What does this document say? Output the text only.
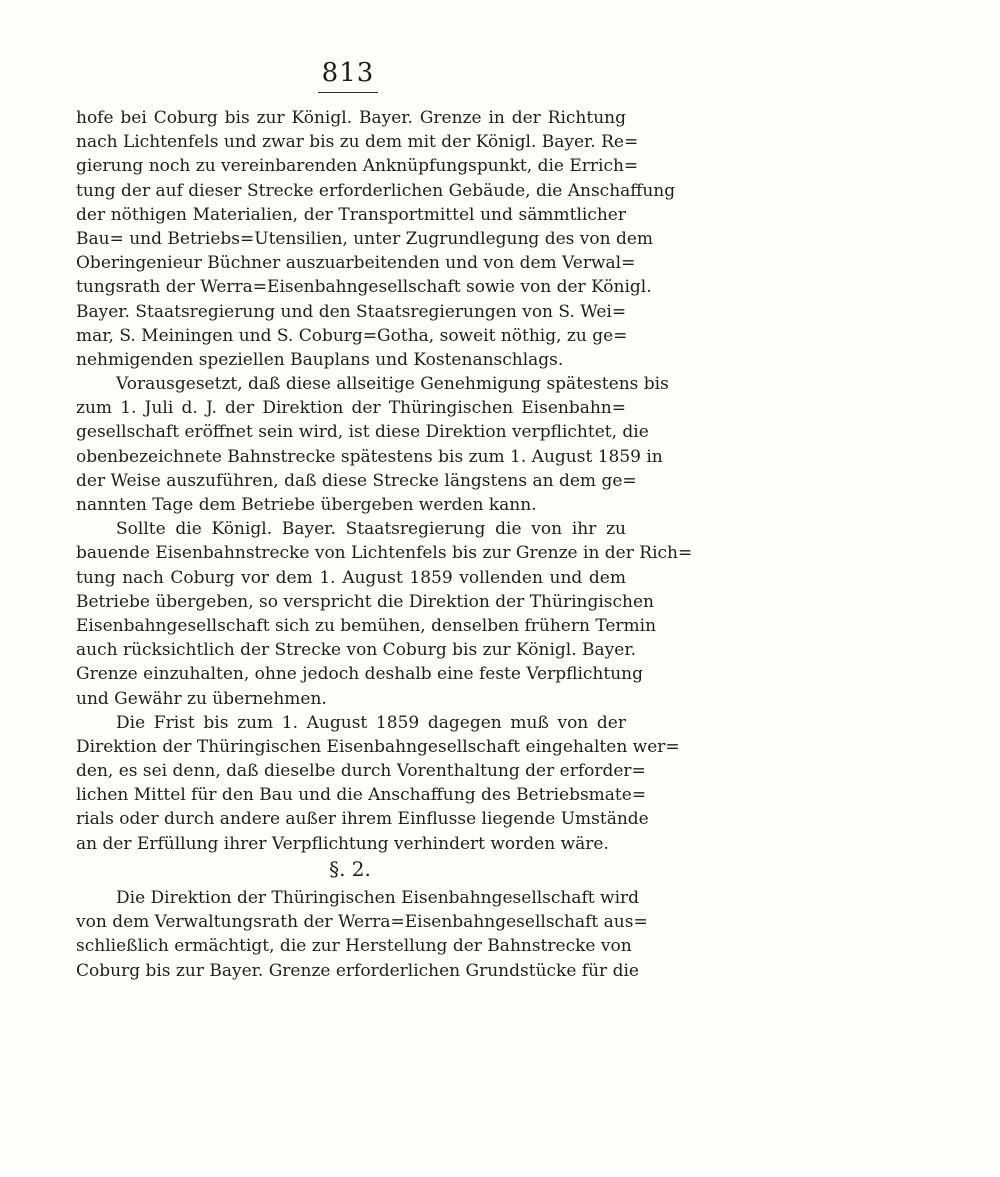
813
hofe bei Coburg bis zur Königl. Bayer. Grenze in der Richtung
nach Lichtenfels und zwar bis zu dem mit der Königl. Bayer. Re=
gierung noch zu vereinbarenden Anknüpfungspunkt, die Errich=
tung der auf dieser Strecke erforderlichen Gebäude, die Anschaffung
der nöthigen Materialien, der Transportmittel und sämmtlicher
Bau= und Betriebs=Utensilien, unter Zugrundlegung des von dem
Oberingenieur Büchner auszuarbeitenden und von dem Verwal=
tungsrath der Werra=Eisenbahngesellschaft sowie von der Königl.
Bayer. Staatsregierung und den Staatsregierungen von S. Wei=
mar, S. Meiningen und S. Coburg=Gotha, soweit nöthig, zu ge=
nehmigenden speziellen Bauplans und Kostenanschlags.
Vorausgesetzt, daß diese allseitige Genehmigung spätestens bis
zum 1. Juli d. J. der Direktion der Thüringischen Eisenbahn=
gesellschaft eröffnet sein wird, ist diese Direktion verpflichtet, die
obenbezeichnete Bahnstrecke spätestens bis zum 1. August 1859 in
der Weise auszuführen, daß diese Strecke längstens an dem ge=
nannten Tage dem Betriebe übergeben werden kann.
Sollte die Königl. Bayer. Staatsregierung die von ihr zu
bauende Eisenbahnstrecke von Lichtenfels bis zur Grenze in der Rich=
tung nach Coburg vor dem 1. August 1859 vollenden und dem
Betriebe übergeben, so verspricht die Direktion der Thüringischen
Eisenbahngesellschaft sich zu bemühen, denselben frühern Termin
auch rücksichtlich der Strecke von Coburg bis zur Königl. Bayer.
Grenze einzuhalten, ohne jedoch deshalb eine feste Verpflichtung
und Gewähr zu übernehmen.
Die Frist bis zum 1. August 1859 dagegen muß von der
Direktion der Thüringischen Eisenbahngesellschaft eingehalten wer=
den, es sei denn, daß dieselbe durch Vorenthaltung der erforder=
lichen Mittel für den Bau und die Anschaffung des Betriebsmate=
rials oder durch andere außer ihrem Einflusse liegende Umstände
an der Erfüllung ihrer Verpflichtung verhindert worden wäre.
§. 2.
Die Direktion der Thüringischen Eisenbahngesellschaft wird
von dem Verwaltungsrath der Werra=Eisenbahngesellschaft aus=
schließlich ermächtigt, die zur Herstellung der Bahnstrecke von
Coburg bis zur Bayer. Grenze erforderlichen Grundstücke für die
